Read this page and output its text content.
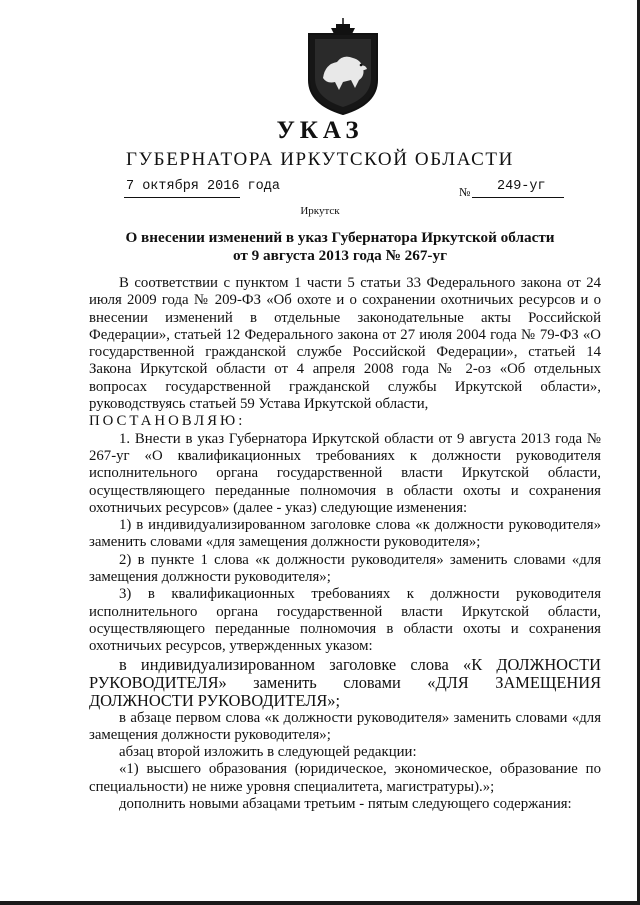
УКАЗ
ГУБЕРНАТОРА ИРКУТСКОЙ ОБЛАСТИ
7 октября 2016 года	№ 249-уг
Иркутск
О внесении изменений в указ Губернатора Иркутской области
от 9 августа 2013 года № 267-уг

В соответствии с пунктом 1 части 5 статьи 33 Федерального закона от 24 июля 2009 года № 209-ФЗ «Об охоте и о сохранении охотничьих ресурсов и о внесении изменений в отдельные законодательные акты Российской Федерации», статьей 12 Федерального закона от 27 июля 2004 года № 79-ФЗ «О государственной гражданской службе Российской Федерации», статьей 14 Закона Иркутской области от 4 апреля 2008 года № 2-оз «Об отдельных вопросах государственной гражданской службы Иркутской области», руководствуясь статьей 59 Устава Иркутской области,

ПОСТАНОВЛЯЮ:

1. Внести в указ Губернатора Иркутской области от 9 августа 2013 года № 267-уг «О квалификационных требованиях к должности руководителя исполнительного органа государственной власти Иркутской области, осуществляющего переданные полномочия в области охоты и сохранения охотничьих ресурсов» (далее - указ) следующие изменения:

1) в индивидуализированном заголовке слова «к должности руководителя» заменить словами «для замещения должности руководителя»;

2) в пункте 1 слова «к должности руководителя» заменить словами «для замещения должности руководителя»;

3) в квалификационных требованиях к должности руководителя исполнительного органа государственной власти Иркутской области, осуществляющего переданные полномочия в области охоты и сохранения охотничьих ресурсов, утвержденных указом:

в индивидуализированном заголовке слова «К ДОЛЖНОСТИ РУКОВОДИТЕЛЯ» заменить словами «ДЛЯ ЗАМЕЩЕНИЯ ДОЛЖНОСТИ РУКОВОДИТЕЛЯ»;

в абзаце первом слова «к должности руководителя» заменить словами «для замещения должности руководителя»;

абзац второй изложить в следующей редакции:

«1) высшего образования (юридическое, экономическое, образование по специальности) не ниже уровня специалитета, магистратуры).»;

дополнить новыми абзацами третьим - пятым следующего содержания:
